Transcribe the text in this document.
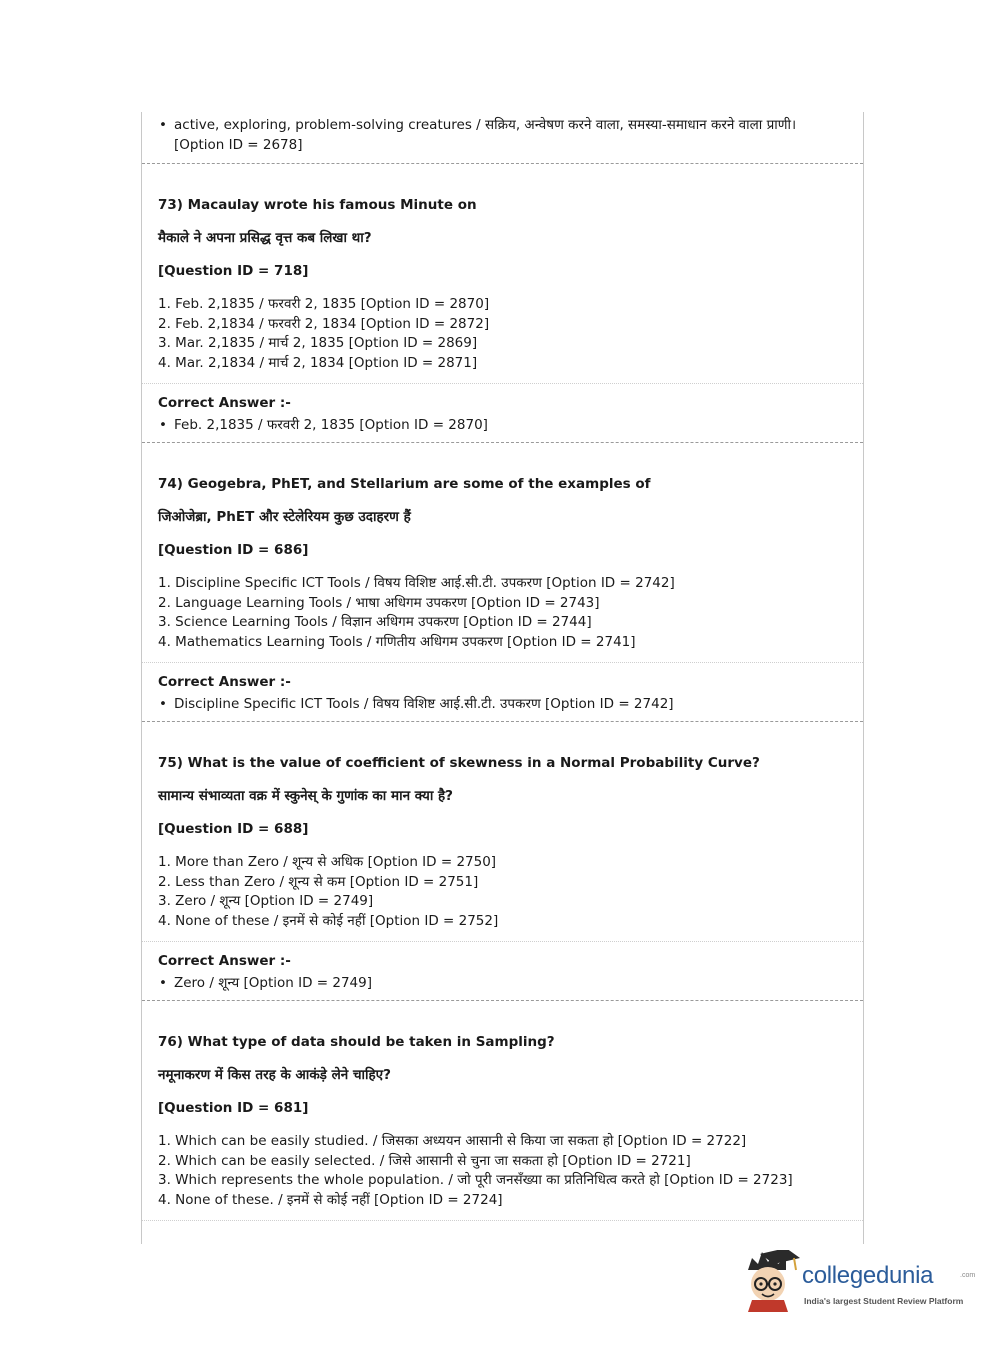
• active, exploring, problem-solving creatures / सक्रिय, अन्वेषण करने वाला, समस्या-समाधान करने वाला प्राणी।
[Option ID = 2678]
73) Macaulay wrote his famous Minute on
मैकाले ने अपना प्रसिद्ध वृत्त कब लिखा था?
[Question ID = 718]
1. Feb. 2,1835 / फरवरी 2, 1835 [Option ID = 2870]
2. Feb. 2,1834 / फरवरी 2, 1834 [Option ID = 2872]
3. Mar. 2,1835 / मार्च 2, 1835 [Option ID = 2869]
4. Mar. 2,1834 / मार्च 2, 1834 [Option ID = 2871]
Correct Answer :-
• Feb. 2,1835 / फरवरी 2, 1835 [Option ID = 2870]
74) Geogebra, PhET, and Stellarium are some of the examples of
जिओजेब्रा, PhET और स्टेलेरियम कुछ उदाहरण हैं
[Question ID = 686]
1. Discipline Specific ICT Tools / विषय विशिष्ट आई.सी.टी. उपकरण [Option ID = 2742]
2. Language Learning Tools / भाषा अधिगम उपकरण [Option ID = 2743]
3. Science Learning Tools / विज्ञान अधिगम उपकरण [Option ID = 2744]
4. Mathematics Learning Tools / गणितीय अधिगम उपकरण [Option ID = 2741]
Correct Answer :-
• Discipline Specific ICT Tools / विषय विशिष्ट आई.सी.टी. उपकरण [Option ID = 2742]
75) What is the value of coefficient of skewness in a Normal Probability Curve?
सामान्य संभाव्यता वक्र में स्कुनेस् के गुणांक का मान क्या है?
[Question ID = 688]
1. More than Zero / शून्य से अधिक [Option ID = 2750]
2. Less than Zero / शून्य से कम [Option ID = 2751]
3. Zero / शून्य [Option ID = 2749]
4. None of these / इनमें से कोई नहीं [Option ID = 2752]
Correct Answer :-
• Zero / शून्य [Option ID = 2749]
76) What type of data should be taken in Sampling?
नमूनाकरण में किस तरह के आकंड़े लेने चाहिए?
[Question ID = 681]
1. Which can be easily studied. / जिसका अध्ययन आसानी से किया जा सकता हो [Option ID = 2722]
2. Which can be easily selected. / जिसे आसानी से चुना जा सकता हो [Option ID = 2721]
3. Which represents the whole population. / जो पूरी जनसँख्या का प्रतिनिधित्व करते हो [Option ID = 2723]
4. None of these. / इनमें से कोई नहीं [Option ID = 2724]
collegedunia	.com
India's largest Student Review Platform
